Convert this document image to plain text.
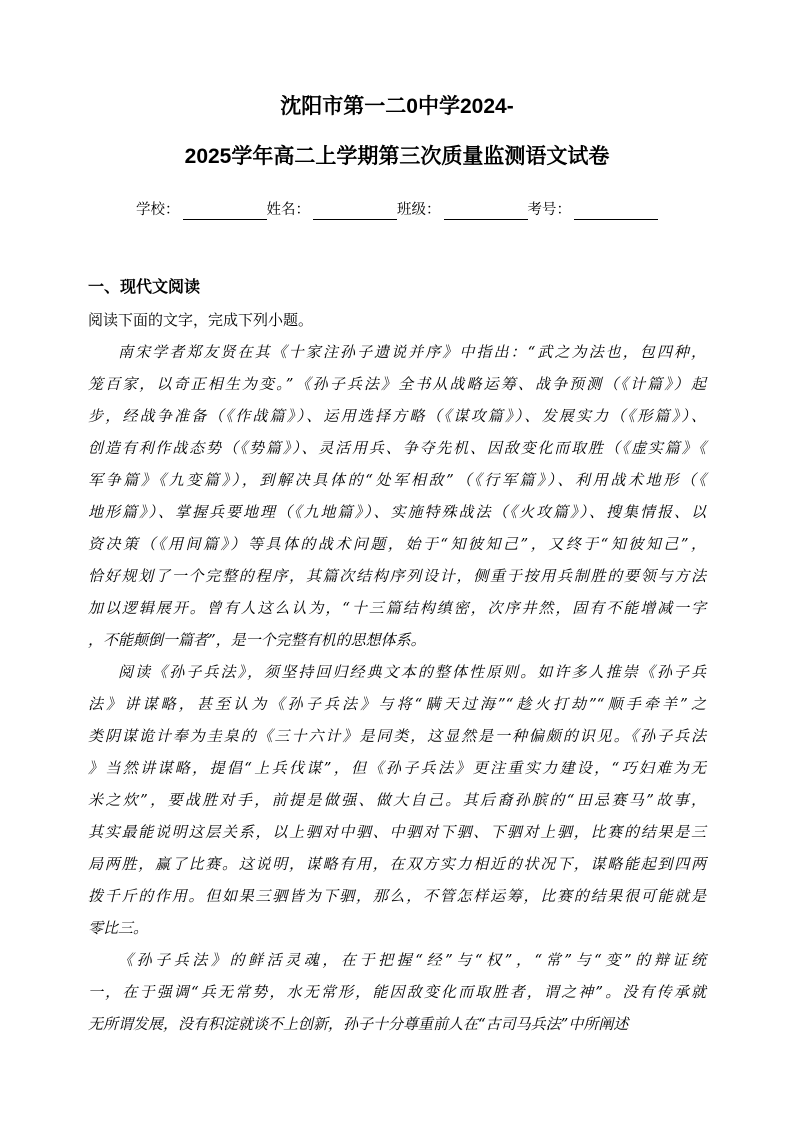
沈阳市第一二0中学2024-
2025学年高二上学期第三次质量监测语文试卷
学校：	姓名：	班级：	考号：
一、现代文阅读
阅读下面的文字，完成下列小题。
南宋学者郑友贤在其《十家注孙子遗说并序》中指出：“武之为法也，包四种，
笼百家，以奇正相生为变。”《孙子兵法》全书从战略运筹、战争预测（《计篇》）起
步，经战争准备（《作战篇》）、运用选择方略（《谋攻篇》）、发展实力（《形篇》）、
创造有利作战态势（《势篇》）、灵活用兵、争夺先机、因敌变化而取胜（《虚实篇》《
军争篇》《九变篇》），到解决具体的“处军相敌”（《行军篇》）、利用战术地形（《
地形篇》）、掌握兵要地理（《九地篇》）、实施特殊战法（《火攻篇》）、搜集情报、以
资决策（《用间篇》）等具体的战术问题，始于“知彼知己”，又终于“知彼知己”，
恰好规划了一个完整的程序，其篇次结构序列设计，侧重于按用兵制胜的要领与方法
加以逻辑展开。曾有人这么认为，“十三篇结构缜密，次序井然，固有不能增减一字
，不能颠倒一篇者”，是一个完整有机的思想体系。
阅读《孙子兵法》，须坚持回归经典文本的整体性原则。如许多人推崇《孙子兵
法》讲谋略，甚至认为《孙子兵法》与将“瞒天过海”“趁火打劫”“顺手牵羊”之
类阴谋诡计奉为圭臬的《三十六计》是同类，这显然是一种偏颇的识见。《孙子兵法
》当然讲谋略，提倡“上兵伐谋”，但《孙子兵法》更注重实力建设，“巧妇难为无
米之炊”，要战胜对手，前提是做强、做大自己。其后裔孙膑的“田忌赛马”故事，
其实最能说明这层关系，以上驷对中驷、中驷对下驷、下驷对上驷，比赛的结果是三
局两胜，赢了比赛。这说明，谋略有用，在双方实力相近的状况下，谋略能起到四两
拨千斤的作用。但如果三驷皆为下驷，那么，不管怎样运筹，比赛的结果很可能就是
零比三。
《孙子兵法》的鲜活灵魂，在于把握“经”与“权”，“常”与“变”的辩证统
一，在于强调“兵无常势，水无常形，能因敌变化而取胜者，谓之神”。没有传承就
无所谓发展，没有积淀就谈不上创新，孙子十分尊重前人在“古司马兵法”中所阐述
